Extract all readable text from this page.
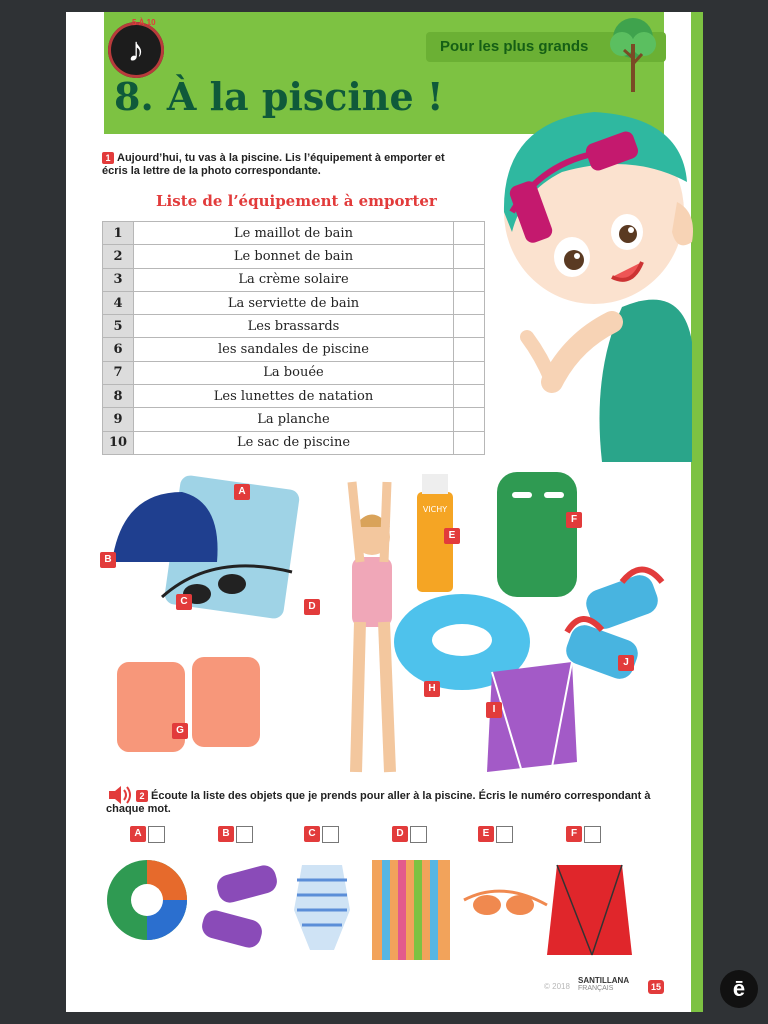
♪
5 À 10
Pour les plus grands
8. À la piscine !
1 Aujourd’hui, tu vas à la piscine. Lis l’équipement à emporter et écris la lettre de la photo correspondante.
Liste de l’équipement à emporter
1	Le maillot de bain	
2	Le bonnet de bain	
3	La crème solaire	
4	La serviette de bain	
5	Les brassards	
6	les sandales de piscine	
7	La bouée	
8	Les lunettes de natation	
9	La planche	
10	Le sac de piscine	
VICHY
A
B
C	D
E
F
G
H
I
J
2 Écoute la liste des objets que je prends pour aller à la piscine. Écris le numéro correspondant à chaque mot.
A	B	C	D	E	F
© 2018
SANTILLANA
FRANÇAIS	15	ē
